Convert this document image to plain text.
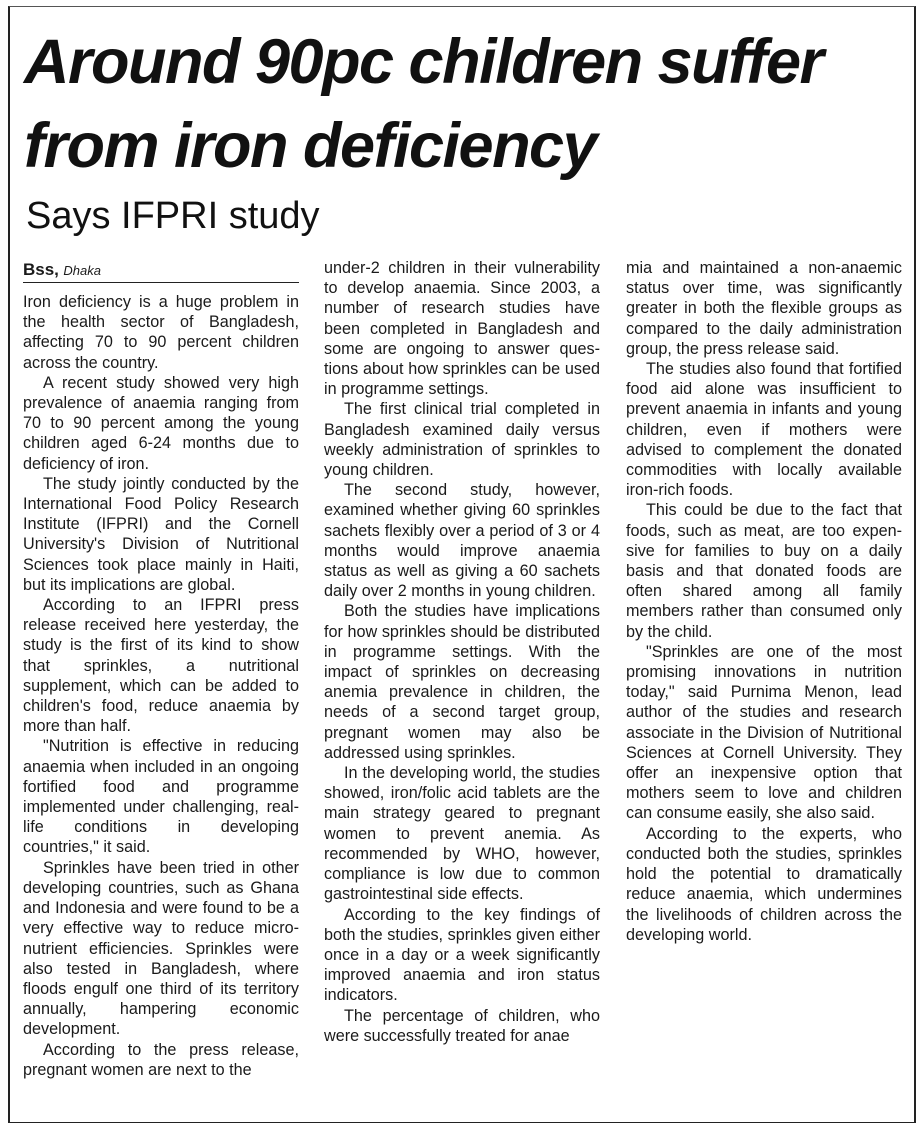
Around 90pc children suffer
from iron deficiency
Says IFPRI study
Bss, Dhaka

Iron deficiency is a huge problem in the health sector of Bangladesh, affecting 70 to 90 percent children across the country.

A recent study showed very high prevalence of anaemia ranging from 70 to 90 percent among the young children aged 6-24 months due to deficiency of iron.

The study jointly conducted by the International Food Policy Research Institute (IFPRI) and the Cornell University's Division of Nutritional Sciences took place mainly in Haiti, but its implications are global.

According to an IFPRI press release received here yesterday, the study is the first of its kind to show that sprinkles, a nutritional supplement, which can be added to children's food, reduce anaemia by more than half.

"Nutrition is effective in reducing anaemia when included in an ongoing fortified food and programme implemented under challenging, real-life conditions in developing countries," it said.

Sprinkles have been tried in other developing countries, such as Ghana and Indonesia and were found to be a very effective way to reduce micro-nutrient efficiencies. Sprinkles were also tested in Bangladesh, where floods engulf one third of its territory annually, hampering economic development.

According to the press release, pregnant women are next to the

under-2 children in their vulnerability to develop anaemia. Since 2003, a number of research studies have been completed in Bangladesh and some are ongoing to answer questions about how sprinkles can be used in programme settings.

The first clinical trial completed in Bangladesh examined daily versus weekly administration of sprinkles to young children.

The second study, however, examined whether giving 60 sprinkles sachets flexibly over a period of 3 or 4 months would improve anaemia status as well as giving a 60 sachets daily over 2 months in young children.

Both the studies have implications for how sprinkles should be distributed in programme settings. With the impact of sprinkles on decreasing anemia prevalence in children, the needs of a second target group, pregnant women may also be addressed using sprinkles.

In the developing world, the studies showed, iron/folic acid tablets are the main strategy geared to pregnant women to prevent anemia. As recommended by WHO, however, compliance is low due to common gastrointestinal side effects.

According to the key findings of both the studies, sprinkles given either once in a day or a week significantly improved anaemia and iron status indicators.

The percentage of children, who were successfully treated for anae

mia and maintained a non-anaemic status over time, was significantly greater in both the flexible groups as compared to the daily administration group, the press release said.

The studies also found that fortified food aid alone was insufficient to prevent anaemia in infants and young children, even if mothers were advised to complement the donated commodities with locally available iron-rich foods.

This could be due to the fact that foods, such as meat, are too expensive for families to buy on a daily basis and that donated foods are often shared among all family members rather than consumed only by the child.

"Sprinkles are one of the most promising innovations in nutrition today," said Purnima Menon, lead author of the studies and research associate in the Division of Nutritional Sciences at Cornell University. They offer an inexpensive option that mothers seem to love and children can consume easily, she also said.

According to the experts, who conducted both the studies, sprinkles hold the potential to dramatically reduce anaemia, which undermines the livelihoods of children across the developing world.
